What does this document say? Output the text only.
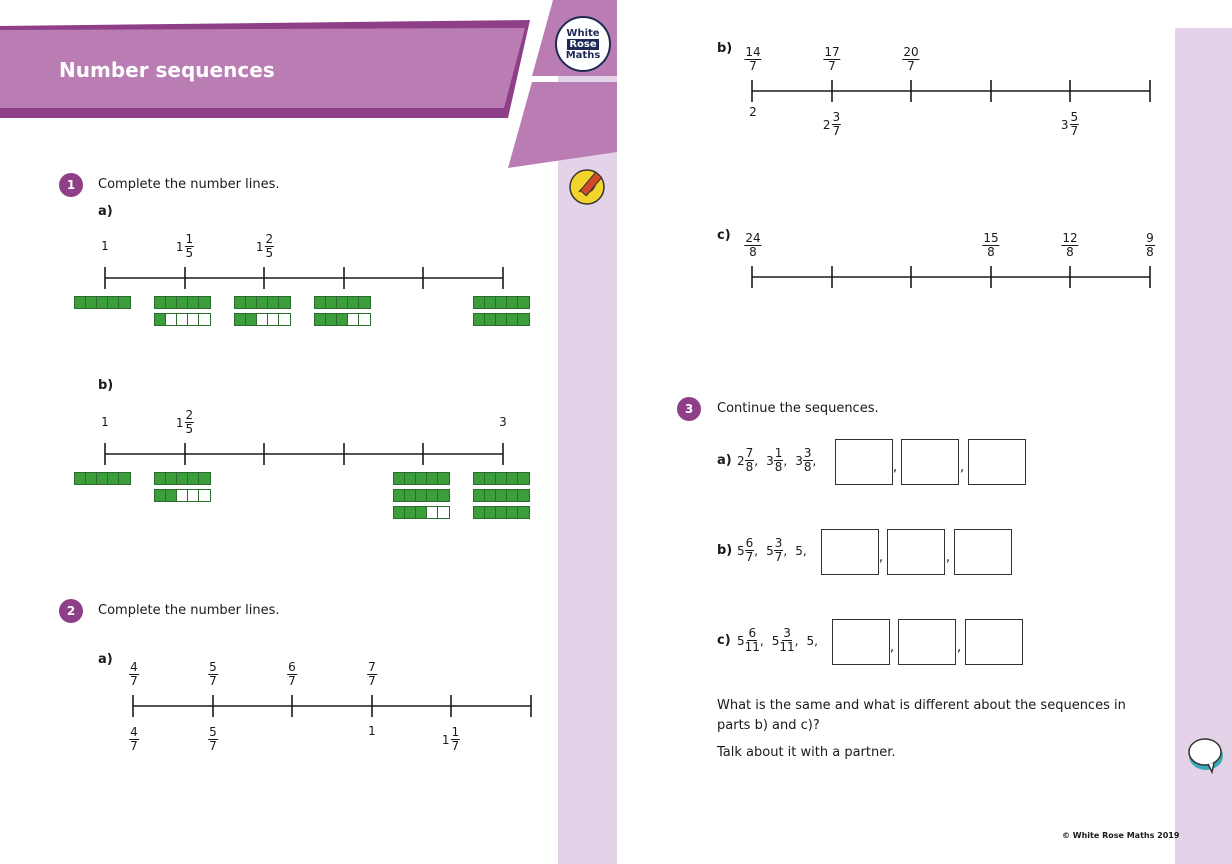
Number sequences
White
Rose
Maths
1	Complete the number lines.
a)
1	$1 \frac{1}{5}$	$1 \frac{2}{5}$
b)
1	$1 \frac{2}{5}$	3
2	Complete the number lines.
a)
$\frac{4}{7}$	$\frac{5}{7}$	$\frac{6}{7}$	$\frac{7}{7}$
$\frac{4}{7}$	$\frac{5}{7}$	1
$1 \frac{1}{7}$
$b) \frac{14}{7}$	$\frac{17}{7}$	$\frac{20}{7}$
2
$2 \frac{3}{7}$	$3 \frac{5}{7}$
$c) \frac{24}{8}$	$\frac{15}{8}$	$\frac{12}{8}$	$\frac{9}{8}$
3	Continue the sequences.
a) $2 \frac{7}{8}$ , $3 \frac{1}{8}$ , $3 \frac{3}{8}$ ,	,	,
b) $5 \frac{6}{7}$ , $5 \frac{3}{7}$ , 5 ,	,	,
c) $5 \frac{6}{11}$ , $5 \frac{3}{11}$ , 5 ,	,	,
What is the same and what is different about the sequences in
parts b) and c)?
Talk about it with a partner.
© White Rose Maths 2019
